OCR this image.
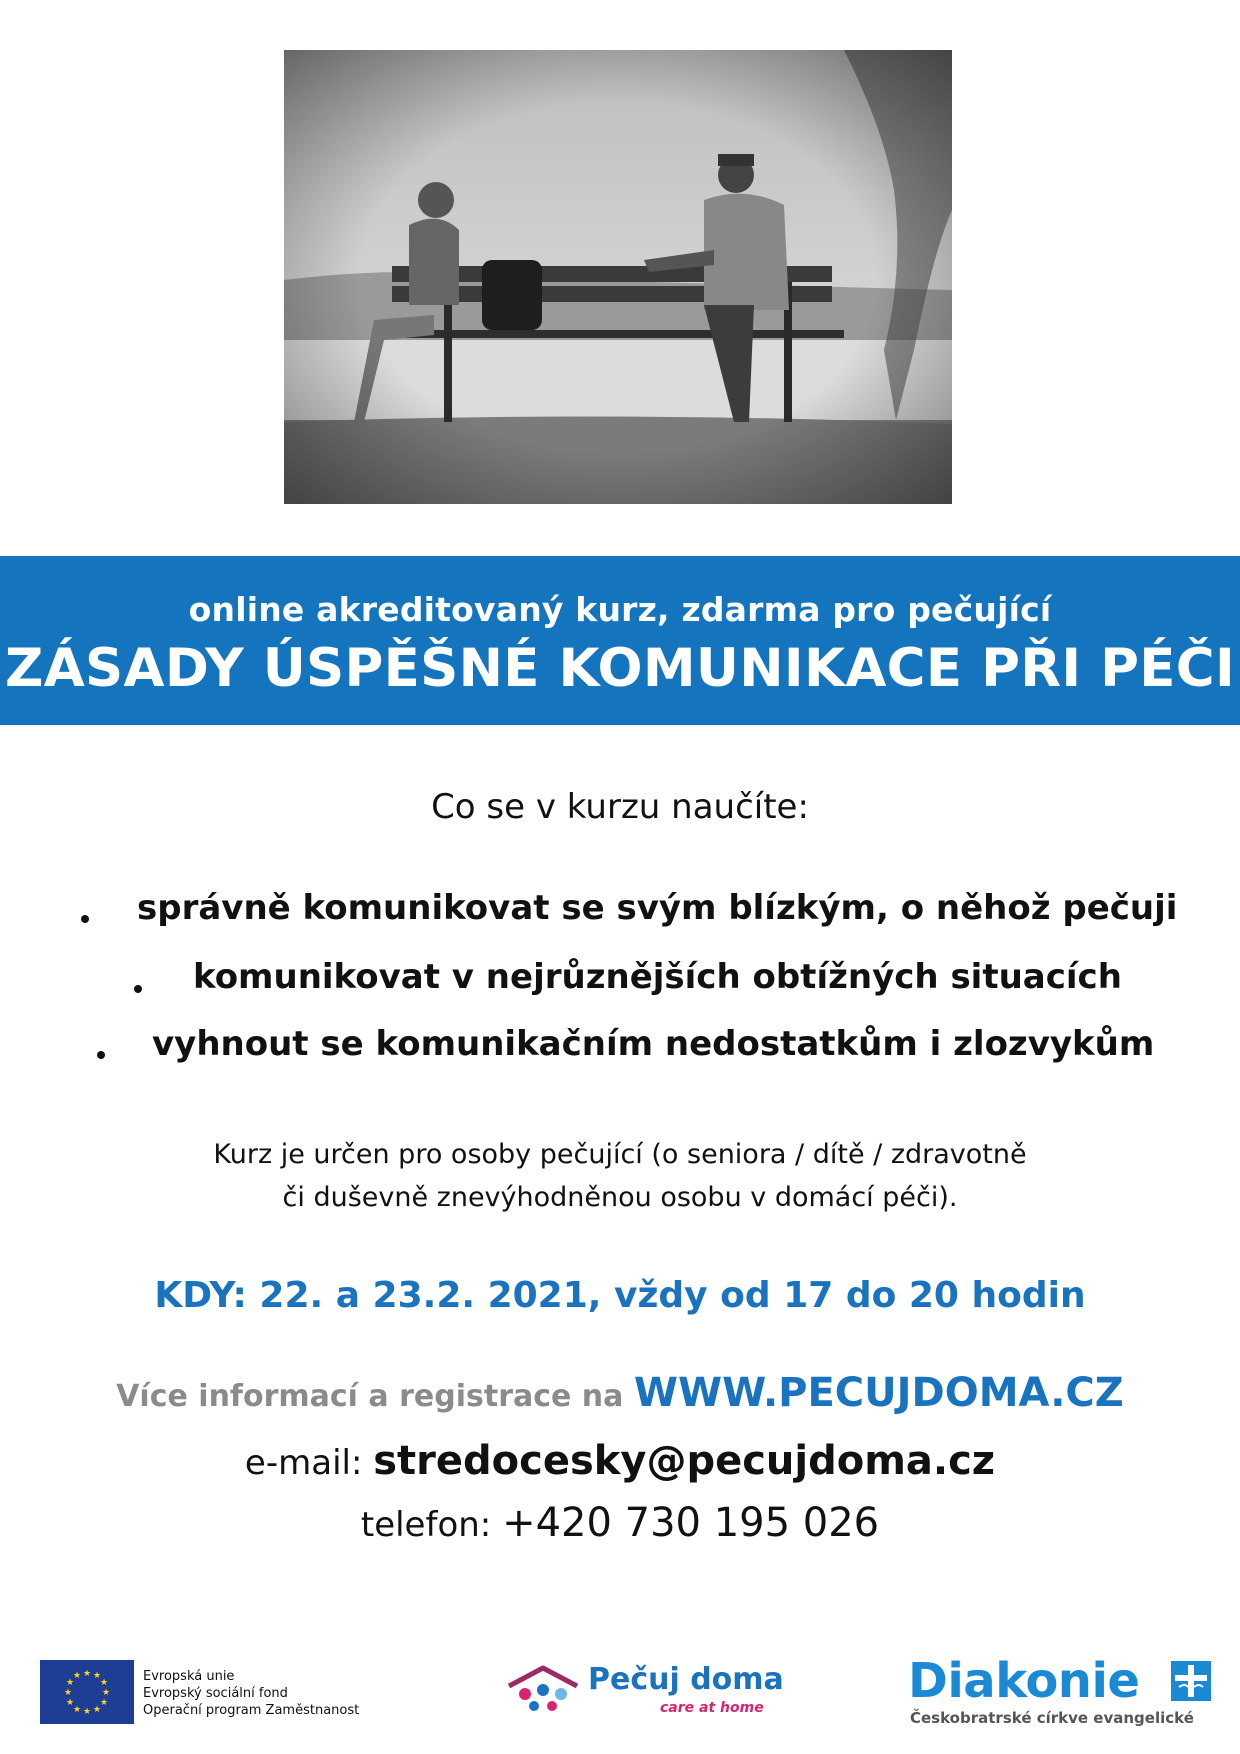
online akreditovaný kurz, zdarma pro pečující
ZÁSADY ÚSPĚŠNÉ KOMUNIKACE PŘI PÉČI
Co se v kurzu naučíte:
správně komunikovat se svým blízkým, o něhož pečuji
komunikovat v nejrůznějších obtížných situacích
vyhnout se komunikačním nedostatkům i zlozvykům
Kurz je určen pro osoby pečující (o seniora / dítě / zdravotně
či duševně znevýhodněnou osobu v domácí péči).
KDY: 22. a 23.2. 2021, vždy od 17 do 20 hodin
Více informací a registrace na WWW.PECUJDOMA.CZ
e-mail: stredocesky@pecujdoma.cz
telefon: +420 730 195 026
★ ★
★
★
★
★
★
★
★
★
★
★	Evropská unie
Evropský sociální fond
Operační program Zaměstnanost
Pečuj doma
care at home	Diakonie
Českobratrské církve evangelické
